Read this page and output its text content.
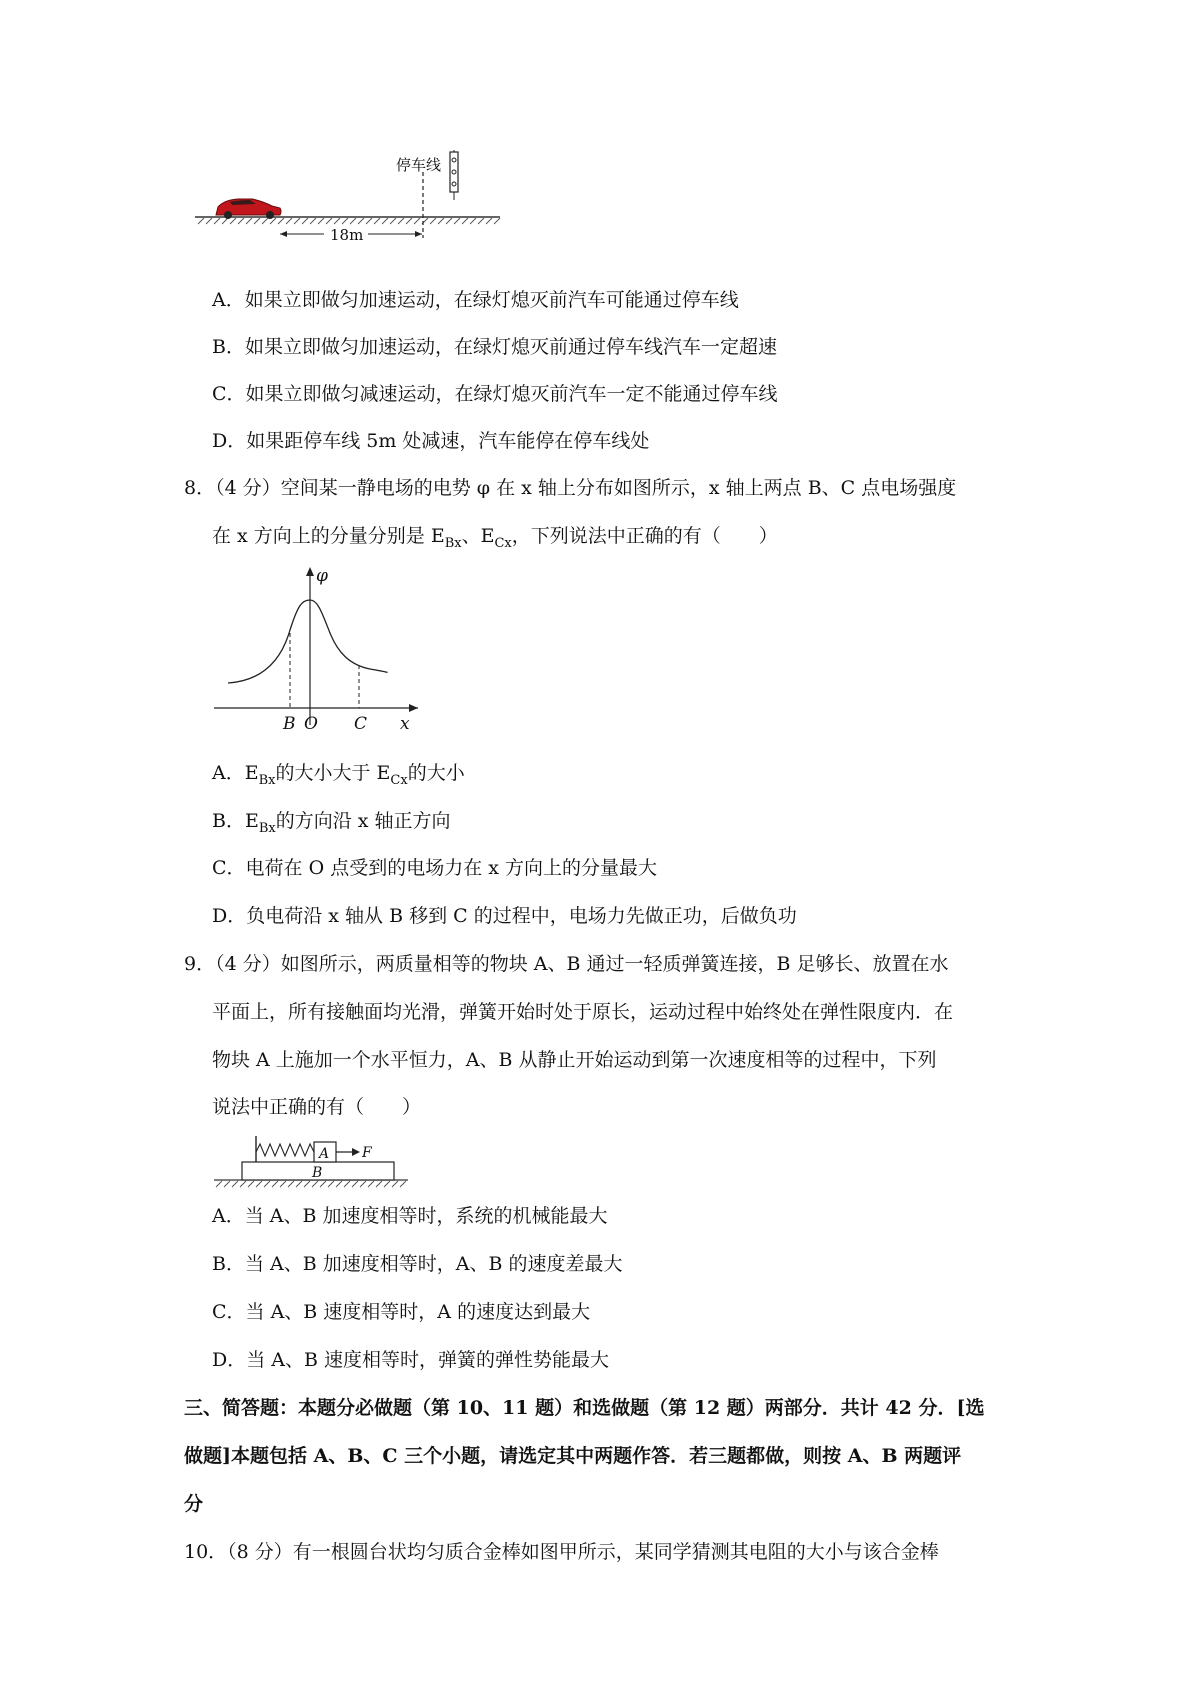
停车线
18m
A．如果立即做匀加速运动，在绿灯熄灭前汽车可能通过停车线
B．如果立即做匀加速运动，在绿灯熄灭前通过停车线汽车一定超速
C．如果立即做匀减速运动，在绿灯熄灭前汽车一定不能通过停车线
D．如果距停车线 5m 处减速，汽车能停在停车线处
8．（4 分）空间某一静电场的电势 φ 在 x 轴上分布如图所示，x 轴上两点 B、C 点电场强度
在 x 方向上的分量分别是 $E_{Bx}$、$E_{Cx}$，下列说法中正确的有（　　）
φ
B O C x
A．$E_{Bx}$的大小大于 $E_{Cx}$的大小
B．$E_{Bx}$的方向沿 x 轴正方向
C．电荷在 O 点受到的电场力在 x 方向上的分量最大
D．负电荷沿 x 轴从 B 移到 C 的过程中，电场力先做正功，后做负功
9．（4 分）如图所示，两质量相等的物块 A、B 通过一轻质弹簧连接，B 足够长、放置在水
平面上，所有接触面均光滑，弹簧开始时处于原长，运动过程中始终处在弹性限度内．在
物块 A 上施加一个水平恒力，A、B 从静止开始运动到第一次速度相等的过程中，下列
说法中正确的有（　　）
A F
B
A．当 A、B 加速度相等时，系统的机械能最大
B．当 A、B 加速度相等时，A、B 的速度差最大
C．当 A、B 速度相等时，A 的速度达到最大
D．当 A、B 速度相等时，弹簧的弹性势能最大
三、简答题：本题分必做题（第 10、11 题）和选做题（第 12 题）两部分．共计 42 分．[选
做题]本题包括 A、B、C 三个小题，请选定其中两题作答．若三题都做，则按 A、B 两题评
分
10．（8 分）有一根圆台状均匀质合金棒如图甲所示，某同学猜测其电阻的大小与该合金棒
